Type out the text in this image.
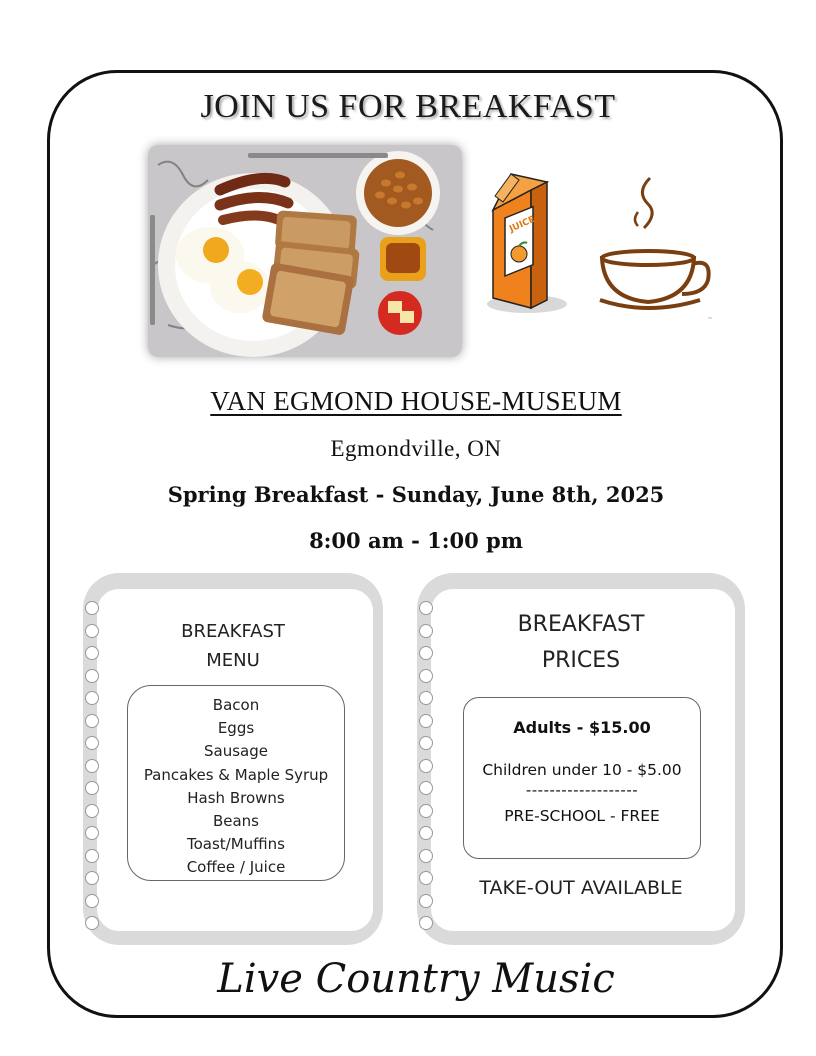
JOIN US FOR BREAKFAST
JUICE
VAN EGMOND HOUSE-MUSEUM
Egmondville, ON
Spring Breakfast - Sunday, June 8th, 2025
8:00 am - 1:00 pm
BREAKFAST
MENU
Bacon
Eggs
Sausage
Pancakes & Maple Syrup
Hash Browns
Beans
Toast/Muffins
Coffee / Juice
BREAKFAST
PRICES
Adults - $15.00
Children under 10 - $5.00
-------------------
PRE-SCHOOL - FREE
TAKE-OUT AVAILABLE
Live Country Music
